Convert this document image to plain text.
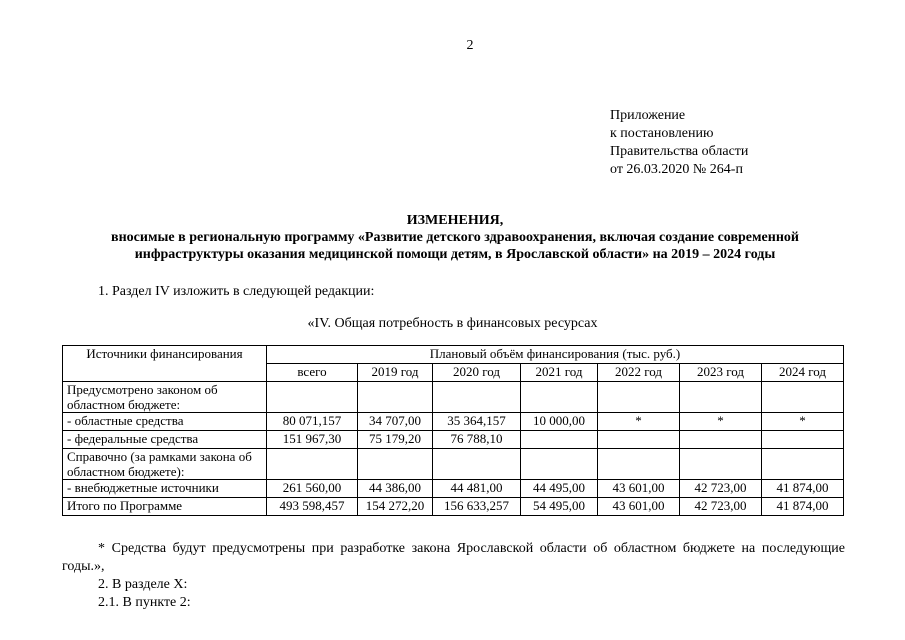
2
Приложение
к постановлению
Правительства области
от 26.03.2020 № 264-п
ИЗМЕНЕНИЯ,
вносимые в региональную программу «Развитие детского здравоохранения, включая создание современной
инфраструктуры оказания медицинской помощи детям, в Ярославской области» на 2019 – 2024 годы
1. Раздел IV изложить в следующей редакции:
«IV. Общая потребность в финансовых ресурсах
Источники финансирования	Плановый объём финансирования (тыс. руб.)						
	всего	2019 год	2020 год	2021 год	2022 год	2023 год	2024 год
Предусмотрено законом об областном бюджете:							
- областные средства	80 071,157	34 707,00	35 364,157	10 000,00	*	*	*
- федеральные средства	151 967,30	75 179,20	76 788,10				
Справочно (за рамками закона об областном бюджете):							
- внебюджетные источники	261 560,00	44 386,00	44 481,00	44 495,00	43 601,00	42 723,00	41 874,00
Итого по Программе	493 598,457	154 272,20	156 633,257	54 495,00	43 601,00	42 723,00	41 874,00
* Средства будут предусмотрены при разработке закона Ярославской области об областном бюджете на последующие годы.»,
2. В разделе X:
2.1. В пункте 2:
